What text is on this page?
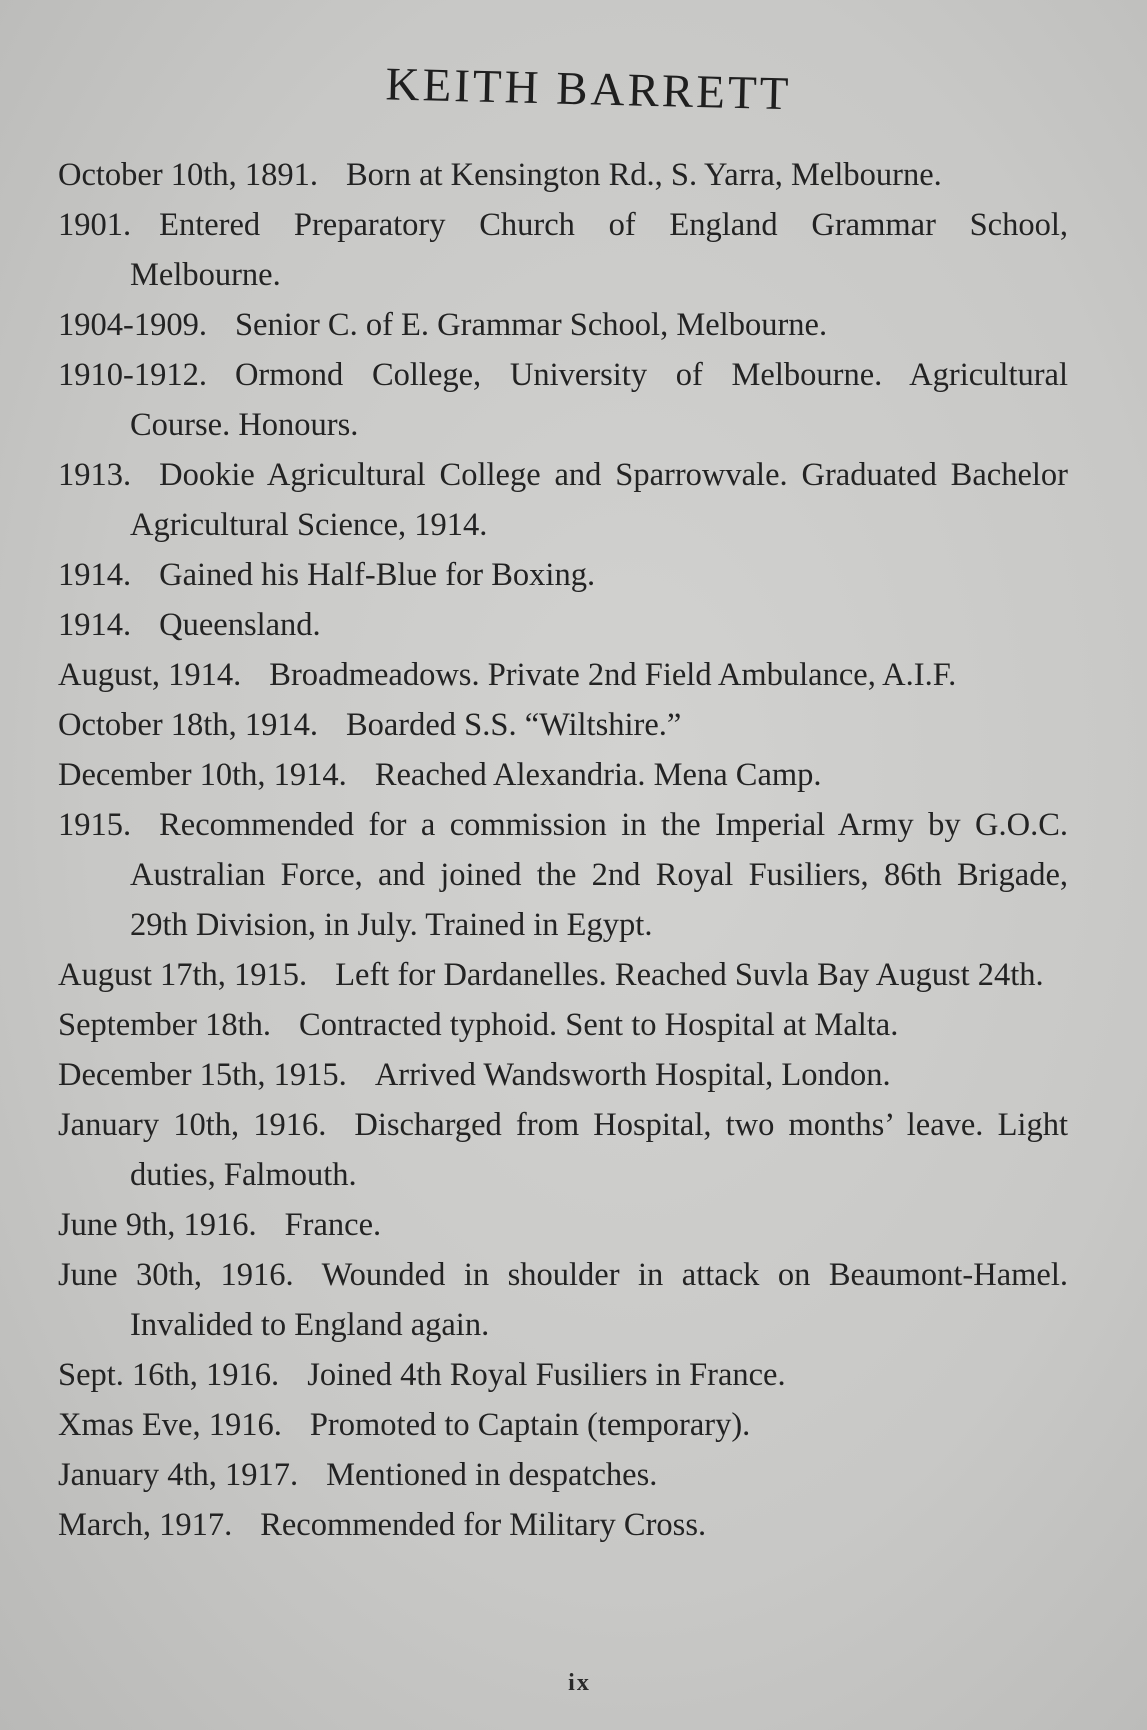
KEITH BARRETT

October 10th, 1891. Born at Kensington Rd., S. Yarra, Melbourne.

1901. Entered Preparatory Church of England Grammar School, Melbourne.

1904-1909. Senior C. of E. Grammar School, Melbourne.

1910-1912. Ormond College, University of Melbourne. Agricultural Course. Honours.

1913. Dookie Agricultural College and Sparrowvale. Graduated Bachelor Agricultural Science, 1914.

1914. Gained his Half-Blue for Boxing.

1914. Queensland.

August, 1914. Broadmeadows. Private 2nd Field Ambulance, A.I.F.

October 18th, 1914. Boarded S.S. “Wiltshire.”

December 10th, 1914. Reached Alexandria. Mena Camp.

1915. Recommended for a commission in the Imperial Army by G.O.C. Australian Force, and joined the 2nd Royal Fusiliers, 86th Brigade, 29th Division, in July. Trained in Egypt.

August 17th, 1915. Left for Dardanelles. Reached Suvla Bay August 24th.

September 18th. Contracted typhoid. Sent to Hospital at Malta.

December 15th, 1915. Arrived Wandsworth Hospital, London.

January 10th, 1916. Discharged from Hospital, two months’ leave. Light duties, Falmouth.

June 9th, 1916. France.

June 30th, 1916. Wounded in shoulder in attack on Beaumont-Hamel. Invalided to England again.

Sept. 16th, 1916. Joined 4th Royal Fusiliers in France.

Xmas Eve, 1916. Promoted to Captain (temporary).

January 4th, 1917. Mentioned in despatches.

March, 1917. Recommended for Military Cross.

ix
